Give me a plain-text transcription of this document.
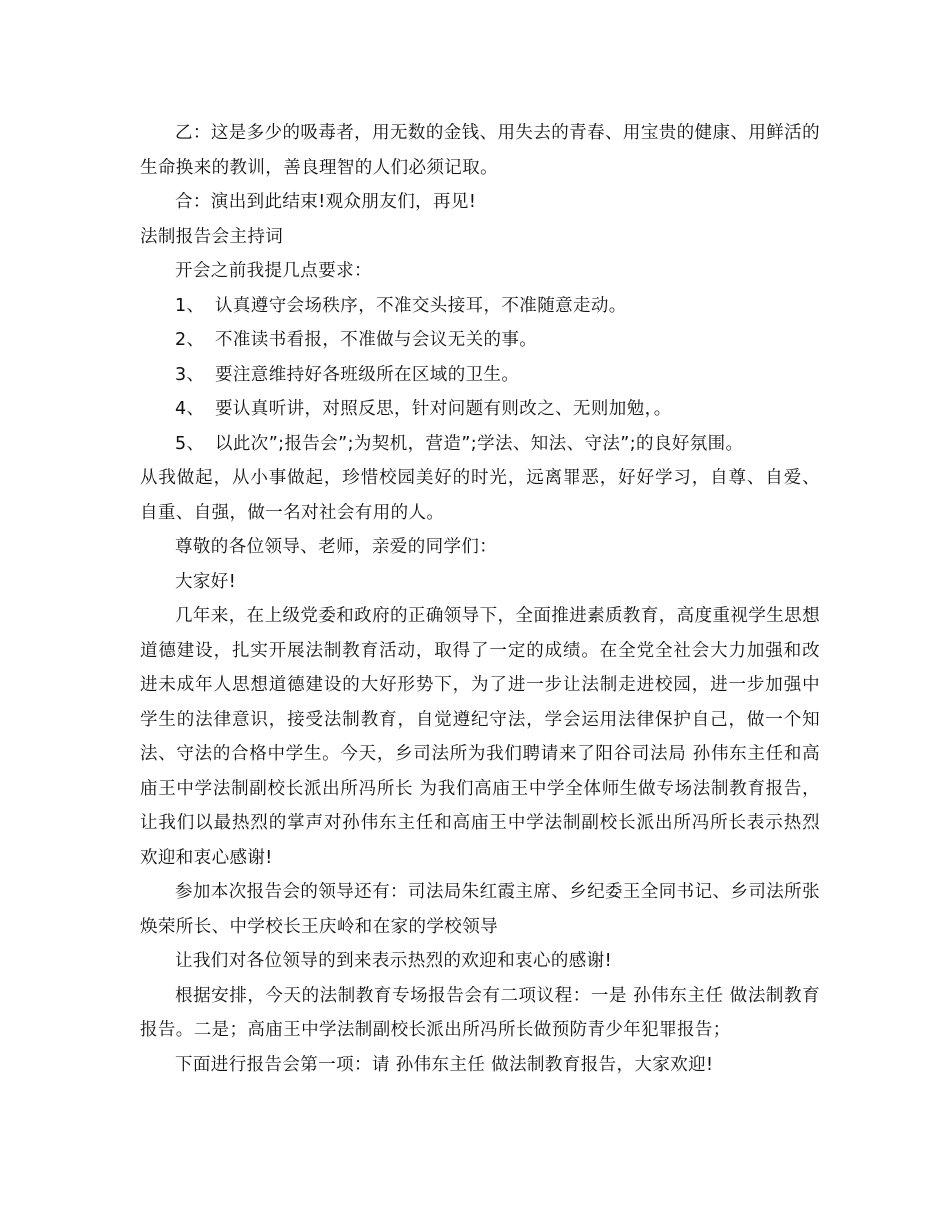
乙：这是多少的吸毒者，用无数的金钱、用失去的青春、用宝贵的健康、用鲜活的生命换来的教训，善良理智的人们必须记取。

合：演出到此结束!观众朋友们，再见!

法制报告会主持词

开会之前我提几点要求：

1、 认真遵守会场秩序，不准交头接耳，不准随意走动。
2、 不准读书看报，不准做与会议无关的事。
3、 要注意维持好各班级所在区域的卫生。
4、 要认真听讲，对照反思，针对问题有则改之、无则加勉，。
5、 以此次”;报告会”;为契机，营造”;学法、知法、守法”;的良好氛围。

从我做起，从小事做起，珍惜校园美好的时光，远离罪恶，好好学习，自尊、自爱、自重、自强，做一名对社会有用的人。

尊敬的各位领导、老师，亲爱的同学们：

大家好!

几年来，在上级党委和政府的正确领导下，全面推进素质教育，高度重视学生思想道德建设，扎实开展法制教育活动，取得了一定的成绩。在全党全社会大力加强和改进未成年人思想道德建设的大好形势下，为了进一步让法制走进校园，进一步加强中学生的法律意识，接受法制教育，自觉遵纪守法，学会运用法律保护自己，做一个知法、守法的合格中学生。今天，乡司法所为我们聘请来了阳谷司法局 孙伟东主任和高庙王中学法制副校长派出所冯所长 为我们高庙王中学全体师生做专场法制教育报告，让我们以最热烈的掌声对孙伟东主任和高庙王中学法制副校长派出所冯所长表示热烈欢迎和衷心感谢!

参加本次报告会的领导还有：司法局朱红霞主席、乡纪委王全同书记、乡司法所张焕荣所长、中学校长王庆岭和在家的学校领导

让我们对各位领导的到来表示热烈的欢迎和衷心的感谢!

根据安排，今天的法制教育专场报告会有二项议程：一是 孙伟东主任 做法制教育报告。二是；高庙王中学法制副校长派出所冯所长做预防青少年犯罪报告；

下面进行报告会第一项：请 孙伟东主任 做法制教育报告，大家欢迎!
